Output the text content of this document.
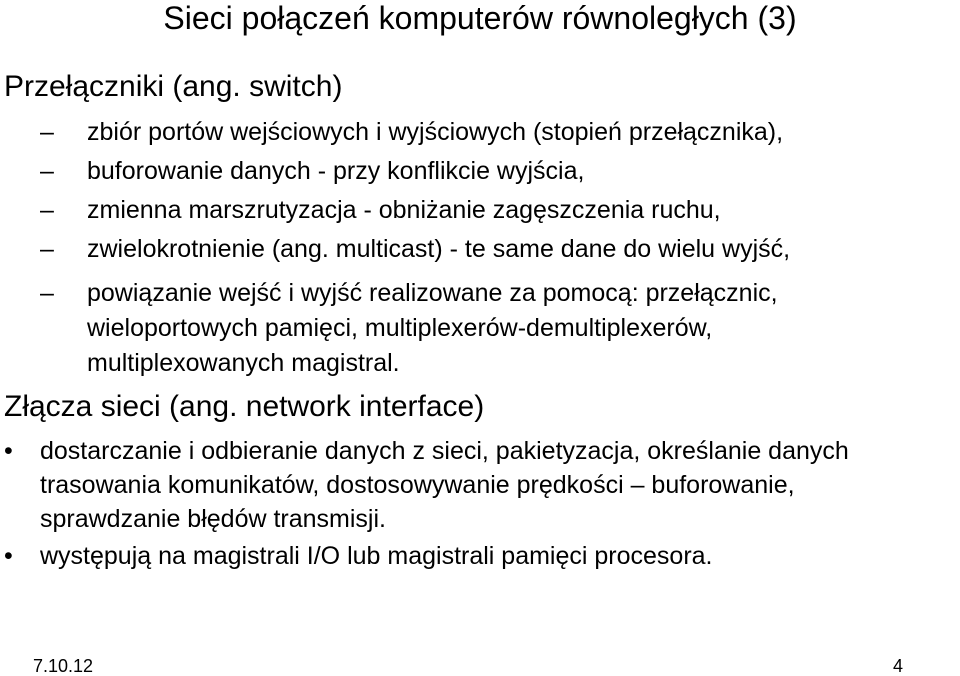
Sieci połączeń komputerów równoległych (3)
Przełączniki (ang. switch)
–	zbiór portów wejściowych i wyjściowych (stopień przełącznika),
–	buforowanie danych - przy konflikcie wyjścia,
–	zmienna marszrutyzacja - obniżanie zagęszczenia ruchu,
–	zwielokrotnienie (ang. multicast) - te same dane do wielu wyjść,
–	powiązanie wejść i wyjść realizowane za pomocą: przełącznic,
wieloportowych pamięci, multiplexerów-demultiplexerów,
multiplexowanych magistral.
Złącza sieci (ang. network interface)
•	dostarczanie i odbieranie danych z sieci, pakietyzacja, określanie danych
trasowania komunikatów, dostosowywanie prędkości – buforowanie,
sprawdzanie błędów transmisji.
•	występują na magistrali I/O lub magistrali pamięci procesora.
7.10.12	4
